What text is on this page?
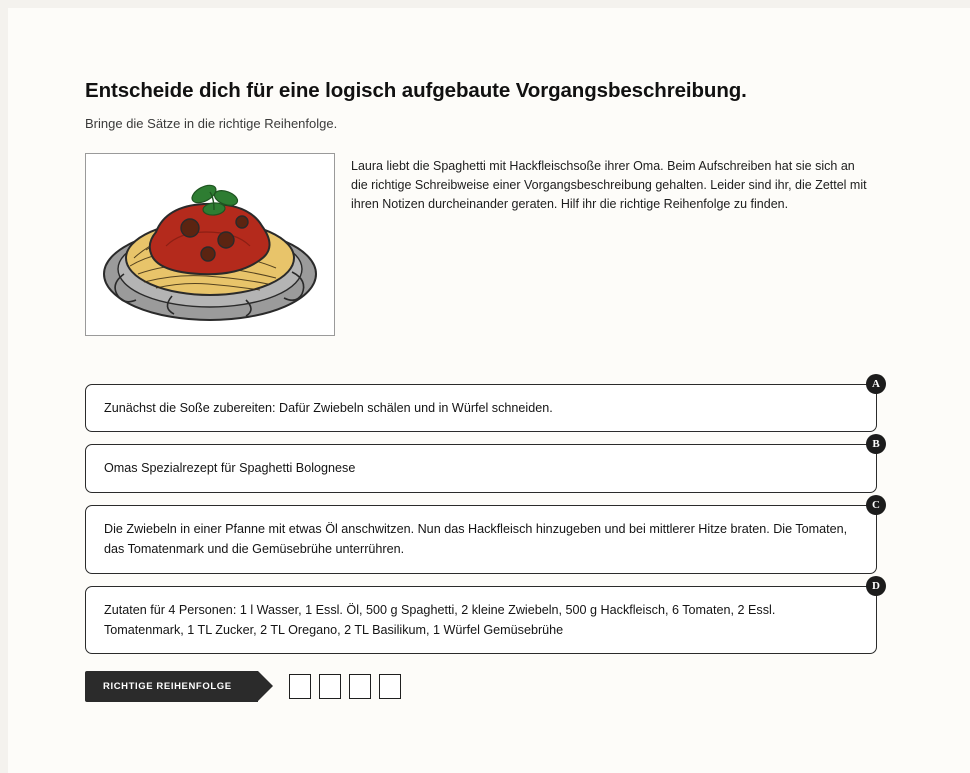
Entscheide dich für eine logisch aufgebaute Vorgangsbeschreibung.

Bringe die Sätze in die richtige Reihenfolge.

Laura liebt die Spaghetti mit Hackfleischsoße ihrer Oma. Beim Aufschreiben hat sie sich an die richtige Schreibweise einer Vorgangsbeschreibung gehalten. Leider sind ihr, die Zettel mit ihren Notizen durcheinander geraten. Hilf ihr die richtige Reihenfolge zu finden.
A
Zunächst die Soße zubereiten: Dafür Zwiebeln schälen und in Würfel schneiden.
B
Omas Spezialrezept für Spaghetti Bolognese
C
Die Zwiebeln in einer Pfanne mit etwas Öl anschwitzen. Nun das Hackfleisch hinzugeben und bei mittlerer Hitze braten. Die Tomaten, das Tomatenmark und die Gemüsebrühe unterrühren.
D
Zutaten für 4 Personen: 1 l Wasser, 1 Essl. Öl, 500 g Spaghetti, 2 kleine Zwiebeln, 500 g Hackfleisch, 6 Tomaten, 2 Essl. Tomatenmark, 1 TL Zucker, 2 TL Oregano, 2 TL Basilikum, 1 Würfel Gemüsebrühe
RICHTIGE REIHENFOLGE
